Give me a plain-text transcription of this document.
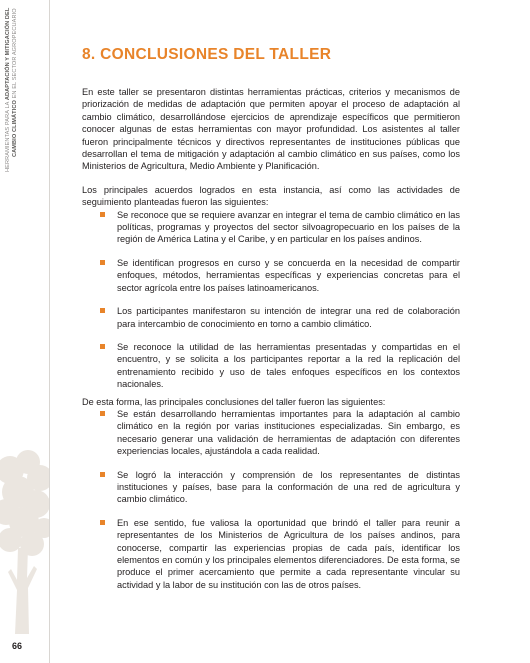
HERRAMIENTAS PARA LA ADAPTACIÓN Y MITIGACIÓN DEL
CAMBIO CLIMÁTICO EN EL SECTOR AGROPECUARIO
66
8. CONCLUSIONES DEL TALLER

En este taller se presentaron distintas herramientas prácticas, criterios y mecanismos de priorización de medidas de adaptación que permiten apoyar el proceso de adaptación al cambio climático, desarrollándose ejercicios de aprendizaje específicos que permitieron conocer algunas de estas herramientas con mayor profundidad. Los asistentes al taller fueron principalmente técnicos y directivos representantes de instituciones públicas que desarrollan el tema de mitigación y adaptación al cambio climático en sus países, como los Ministerios de Agricultura, Medio Ambiente y Planificación.

Los principales acuerdos logrados en esta instancia, así como las actividades de seguimiento planteadas fueron las siguientes:

Se reconoce que se requiere avanzar en integrar el tema de cambio climático en las políticas, programas y proyectos del sector silvoagropecuario en los países de la región de América Latina y el Caribe, y en particular en los países andinos.
Se identifican progresos en curso y se concuerda en la necesidad de compartir enfoques, métodos, herramientas específicas y experiencias concretas para el sector agrícola entre los países latinoamericanos.
Los participantes manifestaron su intención de integrar una red de colaboración para intercambio de conocimiento en torno a cambio climático.
Se reconoce la utilidad de las herramientas presentadas y compartidas en el encuentro, y se solicita a los participantes reportar a la red la replicación del entrenamiento recibido y uso de tales enfoques específicos en los contextos nacionales.

De esta forma, las principales conclusiones del taller fueron las siguientes:

Se están desarrollando herramientas importantes para la adaptación al cambio climático en la región por varias instituciones especializadas. Sin embargo, es necesario generar una validación de herramientas de adaptación con diferentes experiencias locales, ajustándola a cada realidad.
Se logró la interacción y comprensión de los representantes de distintas instituciones y países, base para la conformación de una red de agricultura y cambio climático.
En ese sentido, fue valiosa la oportunidad que brindó el taller para reunir a representantes de los Ministerios de Agricultura de los países andinos, para conocerse, compartir las experiencias propias de cada país, identificar los elementos en común y los principales elementos diferenciadores. De esta forma, se produce el primer acercamiento que permite a cada representante vincular su actividad y la labor de su institución con las de otros países.
